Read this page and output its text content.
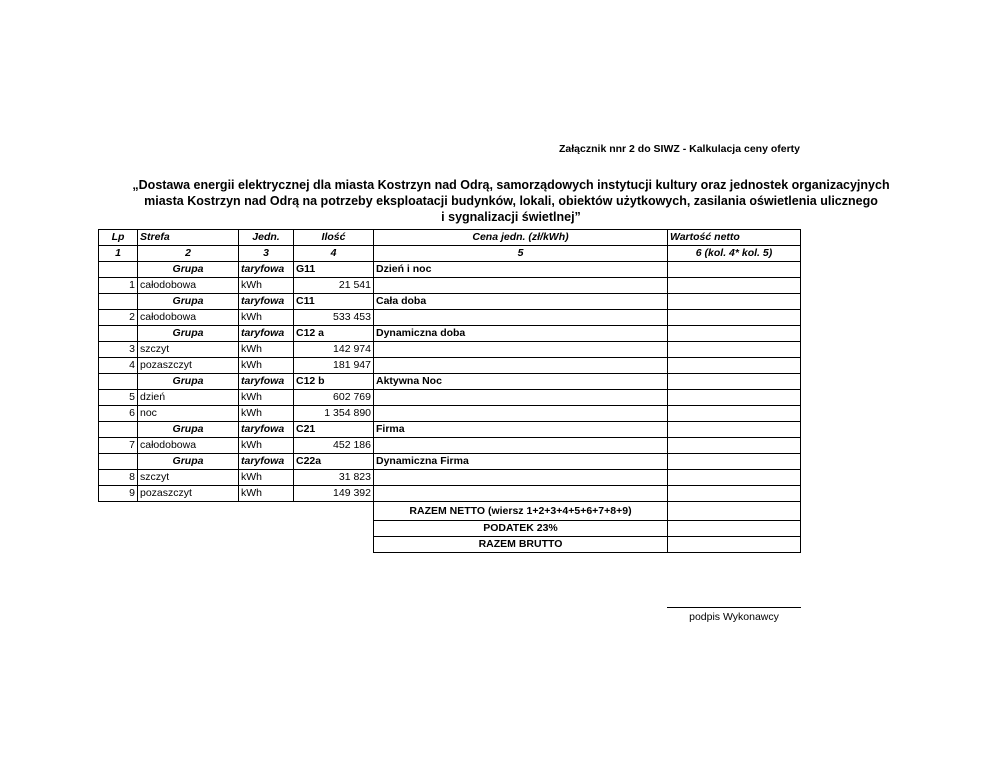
Załącznik nnr 2 do SIWZ - Kalkulacja ceny oferty
„Dostawa energii elektrycznej dla miasta Kostrzyn nad Odrą, samorządowych instytucji kultury oraz jednostek organizacyjnych
miasta Kostrzyn nad Odrą na potrzeby eksploatacji budynków, lokali, obiektów użytkowych, zasilania oświetlenia ulicznego
i sygnalizacji świetlnej”
Lp	Strefa	Jedn.	Ilość	Cena jedn. (zł/kWh)	Wartość netto
1	2	3	4	5	6 (kol. 4* kol. 5)
	Grupa	taryfowa	G11	Dzień i noc	
1	całodobowa	kWh	21 541		
	Grupa	taryfowa	C11	Cała doba	
2	całodobowa	kWh	533 453		
	Grupa	taryfowa	C12 a	Dynamiczna doba	
3	szczyt	kWh	142 974		
4	pozaszczyt	kWh	181 947		
	Grupa	taryfowa	C12 b	Aktywna Noc	
5	dzień	kWh	602 769		
6	noc	kWh	1 354 890		
	Grupa	taryfowa	C21	Firma	
7	całodobowa	kWh	452 186		
	Grupa	taryfowa	C22a	Dynamiczna Firma	
8	szczyt	kWh	31 823		
9	pozaszczyt	kWh	149 392		
				RAZEM NETTO (wiersz 1+2+3+4+5+6+7+8+9)	
				PODATEK 23%	
				RAZEM BRUTTO	
podpis Wykonawcy
